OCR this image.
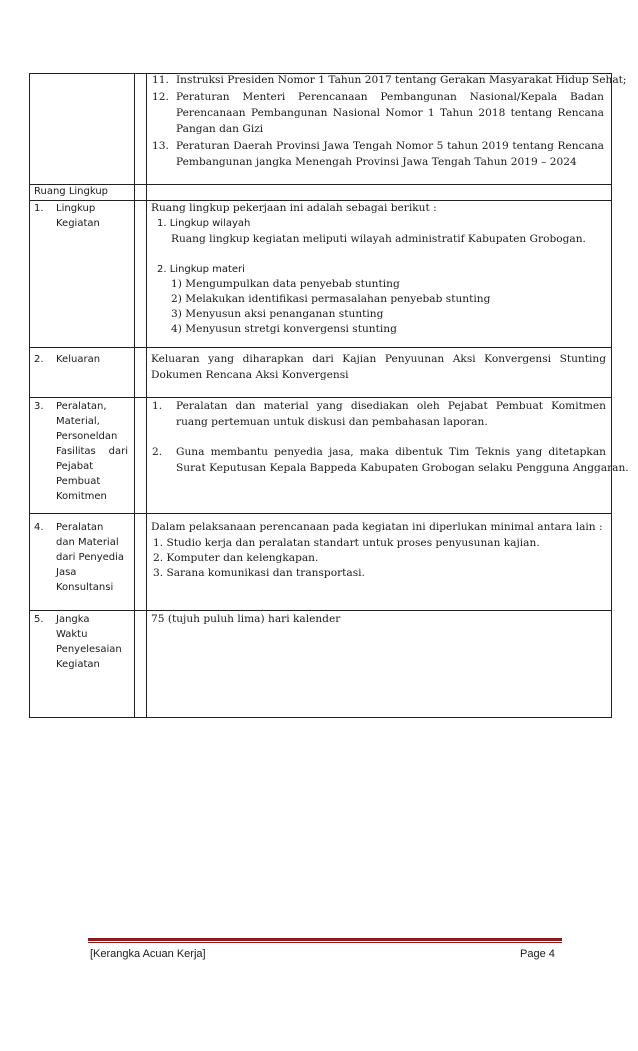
11. Instruksi Presiden Nomor 1 Tahun 2017 tentang Gerakan Masyarakat Hidup Sehat;
12. Peraturan Menteri Perencanaan Pembangunan Nasional/Kepala Badan
Perencanaan Pembangunan Nasional Nomor 1 Tahun 2018 tentang Rencana
Pangan dan Gizi
13. Peraturan Daerah Provinsi Jawa Tengah Nomor 5 tahun 2019 tentang Rencana
Pembangunan jangka Menengah Provinsi Jawa Tengah Tahun 2019 – 2024
Ruang Lingkup
1. Lingkup
Kegiatan
Ruang lingkup pekerjaan ini adalah sebagai berikut :
1. Lingkup wilayah
Ruang lingkup kegiatan meliputi wilayah administratif Kabupaten Grobogan.
2. Lingkup materi
1) Mengumpulkan data penyebab stunting
2) Melakukan identifikasi permasalahan penyebab stunting
3) Menyusun aksi penanganan stunting
4) Menyusun stretgi konvergensi stunting
2. Keluaran	Keluaran yang diharapkan dari Kajian Penyuunan Aksi Konvergensi Stunting
Dokumen Rencana Aksi Konvergensi
3. Peralatan,
Material,
Personeldan
Fasilitas dari
Pejabat
Pembuat
Komitmen
1. Peralatan dan material yang disediakan oleh Pejabat Pembuat Komitmen
ruang pertemuan untuk diskusi dan pembahasan laporan.
2. Guna membantu penyedia jasa, maka dibentuk Tim Teknis yang ditetapkan
Surat Keputusan Kepala Bappeda Kabupaten Grobogan selaku Pengguna Anggaran.
4. Peralatan
dan Material
dari Penyedia
Jasa
Konsultansi
Dalam pelaksanaan perencanaan pada kegiatan ini diperlukan minimal antara lain :
1. Studio kerja dan peralatan standart untuk proses penyusunan kajian.
2. Komputer dan kelengkapan.
3. Sarana komunikasi dan transportasi.
5. Jangka
Waktu
Penyelesaian
Kegiatan
75 (tujuh puluh lima) hari kalender
[Kerangka Acuan Kerja]	Page 4
